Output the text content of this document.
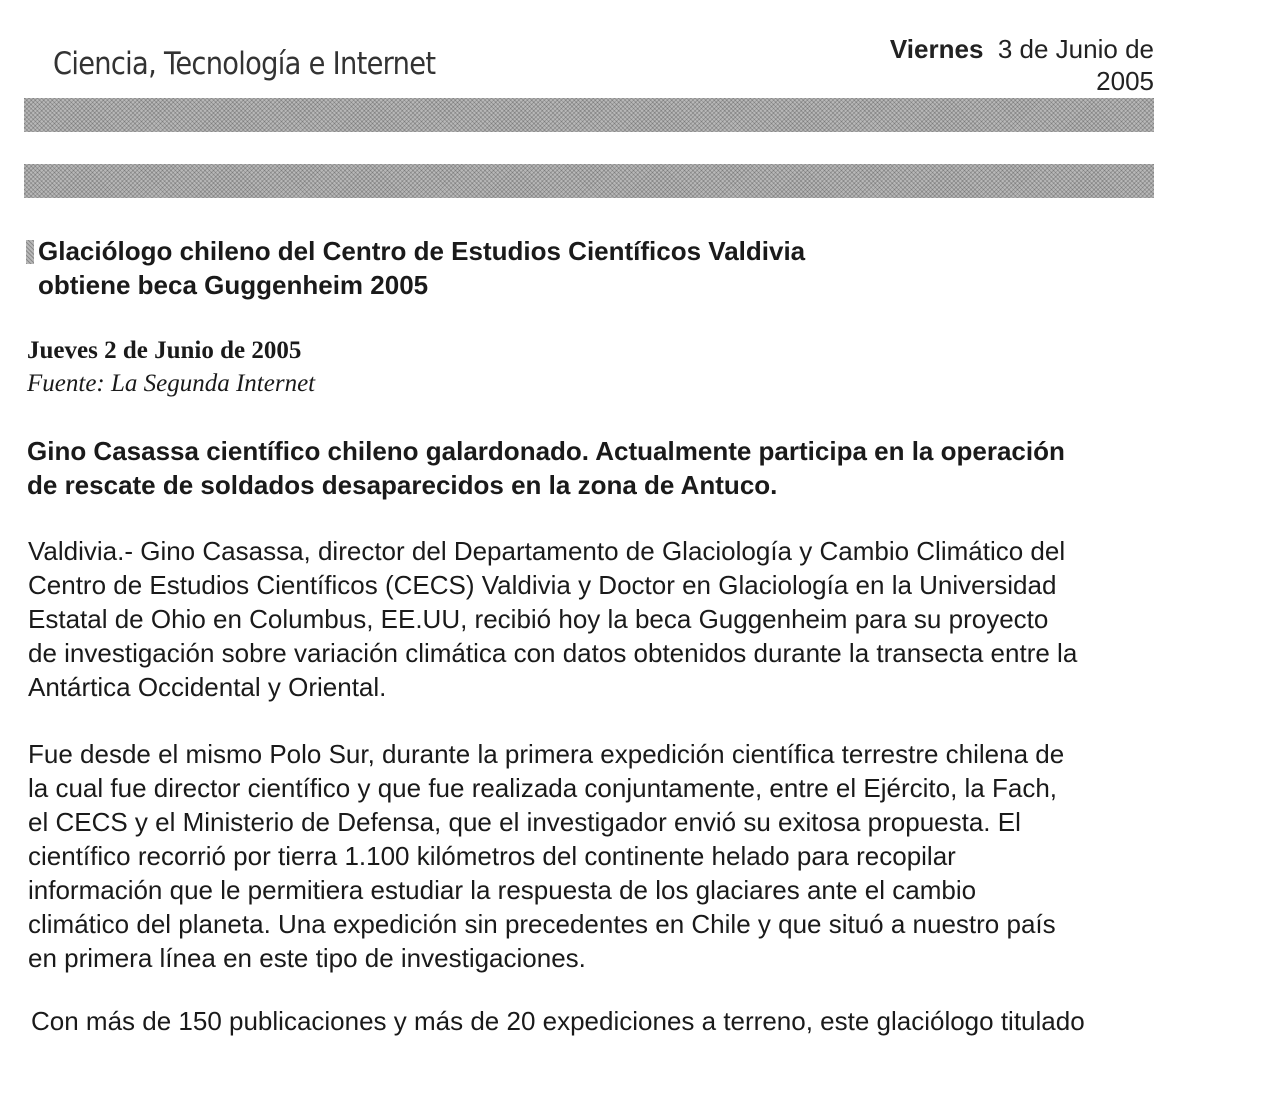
Ciencia, Tecnología e Internet	Viernes 3 de Junio de
2005
Glaciólogo chileno del Centro de Estudios Científicos Valdivia
obtiene beca Guggenheim 2005
Jueves 2 de Junio de 2005
Fuente: La Segunda Internet
Gino Casassa científico chileno galardonado. Actualmente participa en la operación
de rescate de soldados desaparecidos en la zona de Antuco.
Valdivia.- Gino Casassa, director del Departamento de Glaciología y Cambio Climático del
Centro de Estudios Científicos (CECS) Valdivia y Doctor en Glaciología en la Universidad
Estatal de Ohio en Columbus, EE.UU, recibió hoy la beca Guggenheim para su proyecto
de investigación sobre variación climática con datos obtenidos durante la transecta entre la
Antártica Occidental y Oriental.
Fue desde el mismo Polo Sur, durante la primera expedición científica terrestre chilena de
la cual fue director científico y que fue realizada conjuntamente, entre el Ejército, la Fach,
el CECS y el Ministerio de Defensa, que el investigador envió su exitosa propuesta. El
científico recorrió por tierra 1.100 kilómetros del continente helado para recopilar
información que le permitiera estudiar la respuesta de los glaciares ante el cambio
climático del planeta. Una expedición sin precedentes en Chile y que situó a nuestro país
en primera línea en este tipo de investigaciones.
Con más de 150 publicaciones y más de 20 expediciones a terreno, este glaciólogo titulado
